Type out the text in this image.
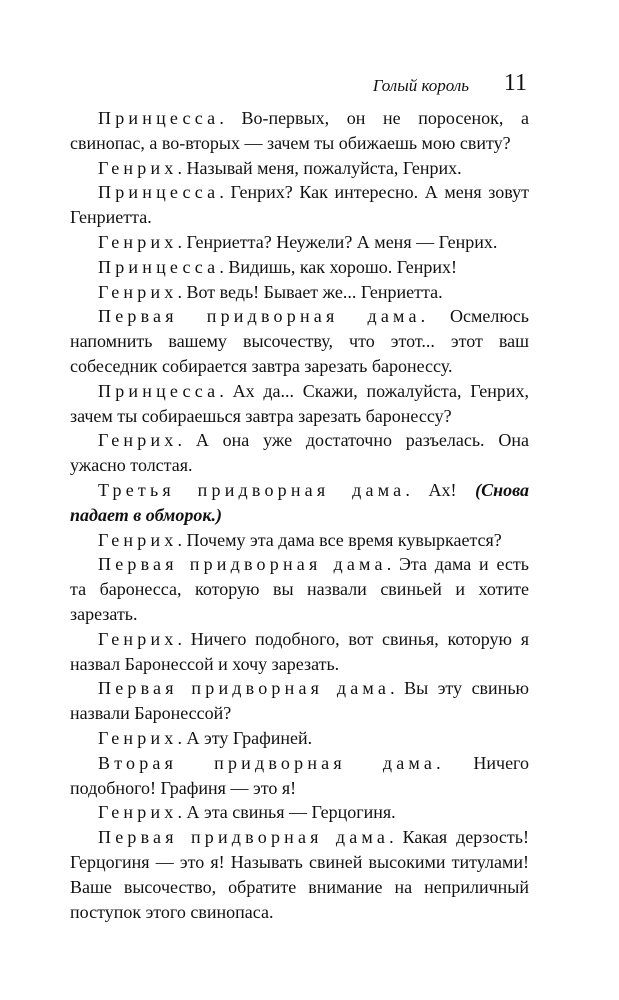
Голый король 11

Принцесса. Во-первых, он не поросенок, а свинопас, а во-вторых — зачем ты обижаешь мою свиту?

Генрих. Называй меня, пожалуйста, Генрих.

Принцесса. Генрих? Как интересно. А меня зовут Генриетта.

Генрих. Генриетта? Неужели? А меня — Генрих.

Принцесса. Видишь, как хорошо. Генрих!

Генрих. Вот ведь! Бывает же... Генриетта.

Первая придворная дама. Осмелюсь напомнить вашему высочеству, что этот... этот ваш собеседник собирается завтра зарезать баронессу.

Принцесса. Ах да... Скажи, пожалуйста, Генрих, зачем ты собираешься завтра зарезать баронессу?

Генрих. А она уже достаточно разъелась. Она ужасно толстая.

Третья придворная дама. Ах! (Снова падает в обморок.)

Генрих. Почему эта дама все время кувыркается?

Первая придворная дама. Эта дама и есть та баронесса, которую вы назвали свиньей и хотите зарезать.

Генрих. Ничего подобного, вот свинья, которую я назвал Баронессой и хочу зарезать.

Первая придворная дама. Вы эту свинью назвали Баронессой?

Генрих. А эту Графиней.

Вторая придворная дама. Ничего подобного! Графиня — это я!

Генрих. А эта свинья — Герцогиня.

Первая придворная дама. Какая дерзость! Герцогиня — это я! Называть свиней высокими титулами! Ваше высочество, обратите внимание на неприличный поступок этого свинопаса.
